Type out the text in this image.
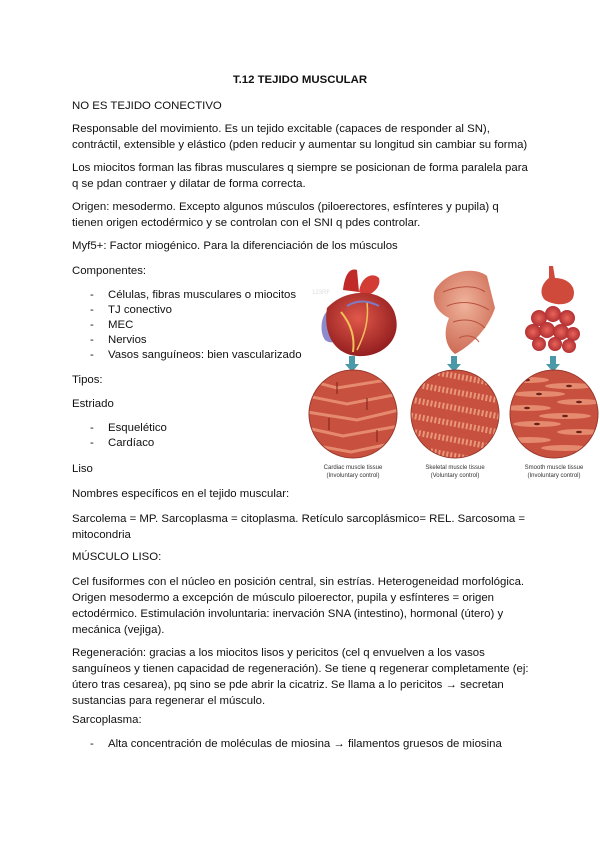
T.12 TEJIDO MUSCULAR

NO ES TEJIDO CONECTIVO

Responsable del movimiento. Es un tejido excitable (capaces de responder al SN), contráctil, extensible y elástico (pden reducir y aumentar su longitud sin cambiar su forma)

Los miocitos forman las fibras musculares q siempre se posicionan de forma paralela para q se pdan contraer y dilatar de forma correcta.

Origen: mesodermo. Excepto algunos músculos (piloerectores, esfínteres y pupila) q tienen origen ectodérmico y se controlan con el SNI q pdes controlar.

Myf5+: Factor miogénico. Para la diferenciación de los músculos

Componentes:

- Células, fibras musculares o miocitos
- TJ conectivo
- MEC
- Nervios
- Vasos sanguíneos: bien vascularizado

Tipos:

Estriado

- Esquelético
- Cardíaco

Liso

Nombres específicos en el tejido muscular:

Sarcolema = MP. Sarcoplasma = citoplasma. Retículo sarcoplásmico= REL. Sarcosoma = mitocondria

MÚSCULO LISO:

Cel fusiformes con el núcleo en posición central, sin estrías. Heterogeneidad morfológica. Origen mesodermo a excepción de músculo piloerector, pupila y esfínteres = origen ectodérmico. Estimulación involuntaria: inervación SNA (intestino), hormonal (útero) y mecánica (vejiga).

Regeneración: gracias a los miocitos lisos y pericitos (cel q envuelven a los vasos sanguíneos y tienen capacidad de regeneración). Se tiene q regenerar completamente (ej: útero tras cesarea), pq sino se pde abrir la cicatriz. Se llama a lo pericitos → secretan sustancias para regenerar el músculo.

Sarcoplasma:

- Alta concentración de moléculas de miosina → filamentos gruesos de miosina
123RF
Cardiac muscle tissue
(Involuntary control)
Skeletal muscle tissue
(Voluntary control)
Smooth muscle tissue
(Involuntary control)
